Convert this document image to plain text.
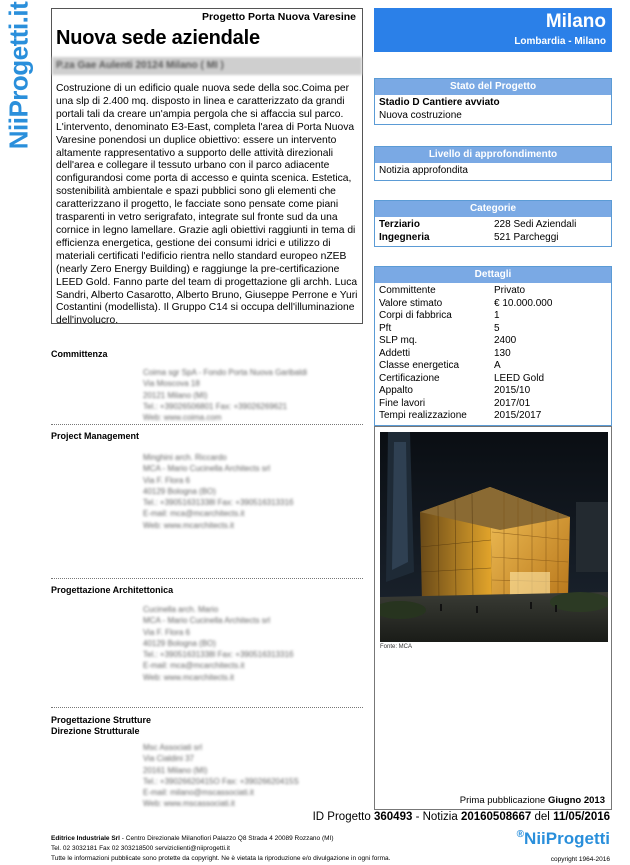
NiiProgetti.it	Progetto Porta Nuova Varesine
Nuova sede aziendale
P.za Gae Aulenti 20124 Milano ( MI )
Costruzione di un edificio quale nuova sede della soc.Coima per
una slp di 2.400 mq. disposto in linea e caratterizzato da grandi
portali tali da creare un'ampia pergola che si affaccia sul parco.
L'intervento, denominato E3-East, completa l'area di Porta Nuova
Varesine ponendosi un duplice obiettivo: essere un intervento
altamente rappresentativo a supporto delle attività direzionali
dell'area e collegare il tessuto urbano con il parco adiacente
configurandosi come porta di accesso e quinta scenica. Estetica,
sostenibilità ambientale e spazi pubblici sono gli elementi che
caratterizzano il progetto, le facciate sono pensate come piani
trasparenti in vetro serigrafato, integrate sul fronte sud da una
cornice in legno lamellare. Grazie agli obiettivi raggiunti in tema di
efficienza energetica, gestione dei consumi idrici e utilizzo di
materiali certificati l'edificio rientra nello standard europeo nZEB
(nearly Zero Energy Building) e raggiunge la pre-certificazione
LEED Gold. Fanno parte del team di progettazione gli archh. Luca
Sandri, Alberto Casarotto, Alberto Bruno, Giuseppe Perrone e Yuri
Costantini (modellista). Il Gruppo C14 si occupa dell'illuminazione
dell'involucro.
Committenza
Coima sgr SpA - Fondo Porta Nuova Garibaldi
Via Moscova 18
20121 Milano (MI)
Tel.: +39026506801 Fax: +39026269621
Web: www.coima.com
Project Management
Minghini arch. Riccardo
MCA - Mario Cucinella Architects srl
Via F. Flora 6
40129 Bologna (BO)
Tel.: +39051631338l Fax: +39051631331б
E-mail: mca@mcarchitects.it
Web: www.mcarchitects.it
Progettazione Architettonica
Cucinella arch. Mario
MCA - Mario Cucinella Architects srl
Via F. Flora 6
40129 Bologna (BO)
Tel.: +39051631338l Fax: +39051631331б
E-mail: mca@mcarchitects.it
Web: www.mcarchitects.it
Progettazione Strutture
Direzione Strutturale
Msc Associati srl
Via Cialdini 37
20161 Milano (MI)
Tel.: +39026620415O Fax: +39026620415S
E-mail: milano@mscassociati.it
Web: www.mscassociati.it
Milano
Lombardia - Milano
Stato del Progetto
Stadio D Cantiere avviato
Nuova costruzione
Livello di approfondimento
Notizia approfondita
Categorie
Terziario	228 Sedi Aziendali
Ingegneria	521 Parcheggi
Dettagli
Committente	Privato
Valore stimato	€ 10.000.000
Corpi di fabbrica	1
Pft	5
SLP mq.	2400
Addetti	130
Classe energetica	A
Certificazione	LEED Gold
Appalto	2015/10
Fine lavori	2017/01
Tempi realizzazione	2015/2017
Fonte: MCA
Prima pubblicazione Giugno 2013
ID Progetto 360493 - Notizia 20160508667 del 11/05/2016
Editrice Industriale Srl - Centro Direzionale Milanofiori Palazzo Q8 Strada 4 20089 Rozzano (MI)
Tel. 02 3032181 Fax 02 303218500 serviziclienti@niiprogetti.it
Tutte le informazioni pubblicate sono protette da copyright. Ne è vietata la riproduzione e/o divulgazione in ogni forma.
®NiiProgetti
copyright 1964-2016
